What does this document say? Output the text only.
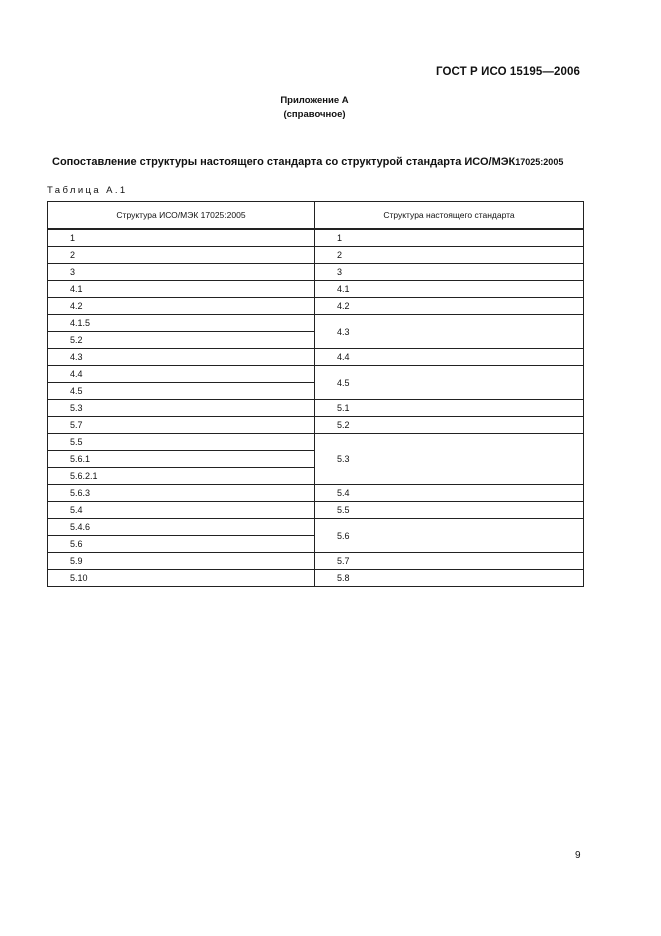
ГОСТ Р ИСО 15195—2006
Приложение А
(справочное)
Сопоставление структуры настоящего стандарта со структурой стандарта ИСО/МЭК17025:2005
Таблица А.1
Структура ИСО/МЭК 17025:2005	Структура настоящего стандарта
1	1
2	2
3	3
4.1	4.1
4.2	4.2
4.1.5	4.3
5.2	
4.3	4.4
4.4	4.5
4.5	
5.3	5.1
5.7	5.2
5.5	5.3
5.6.1	
5.6.2.1	
5.6.3	5.4
5.4	5.5
5.4.6	5.6
5.6	
5.9	5.7
5.10	5.8
9
